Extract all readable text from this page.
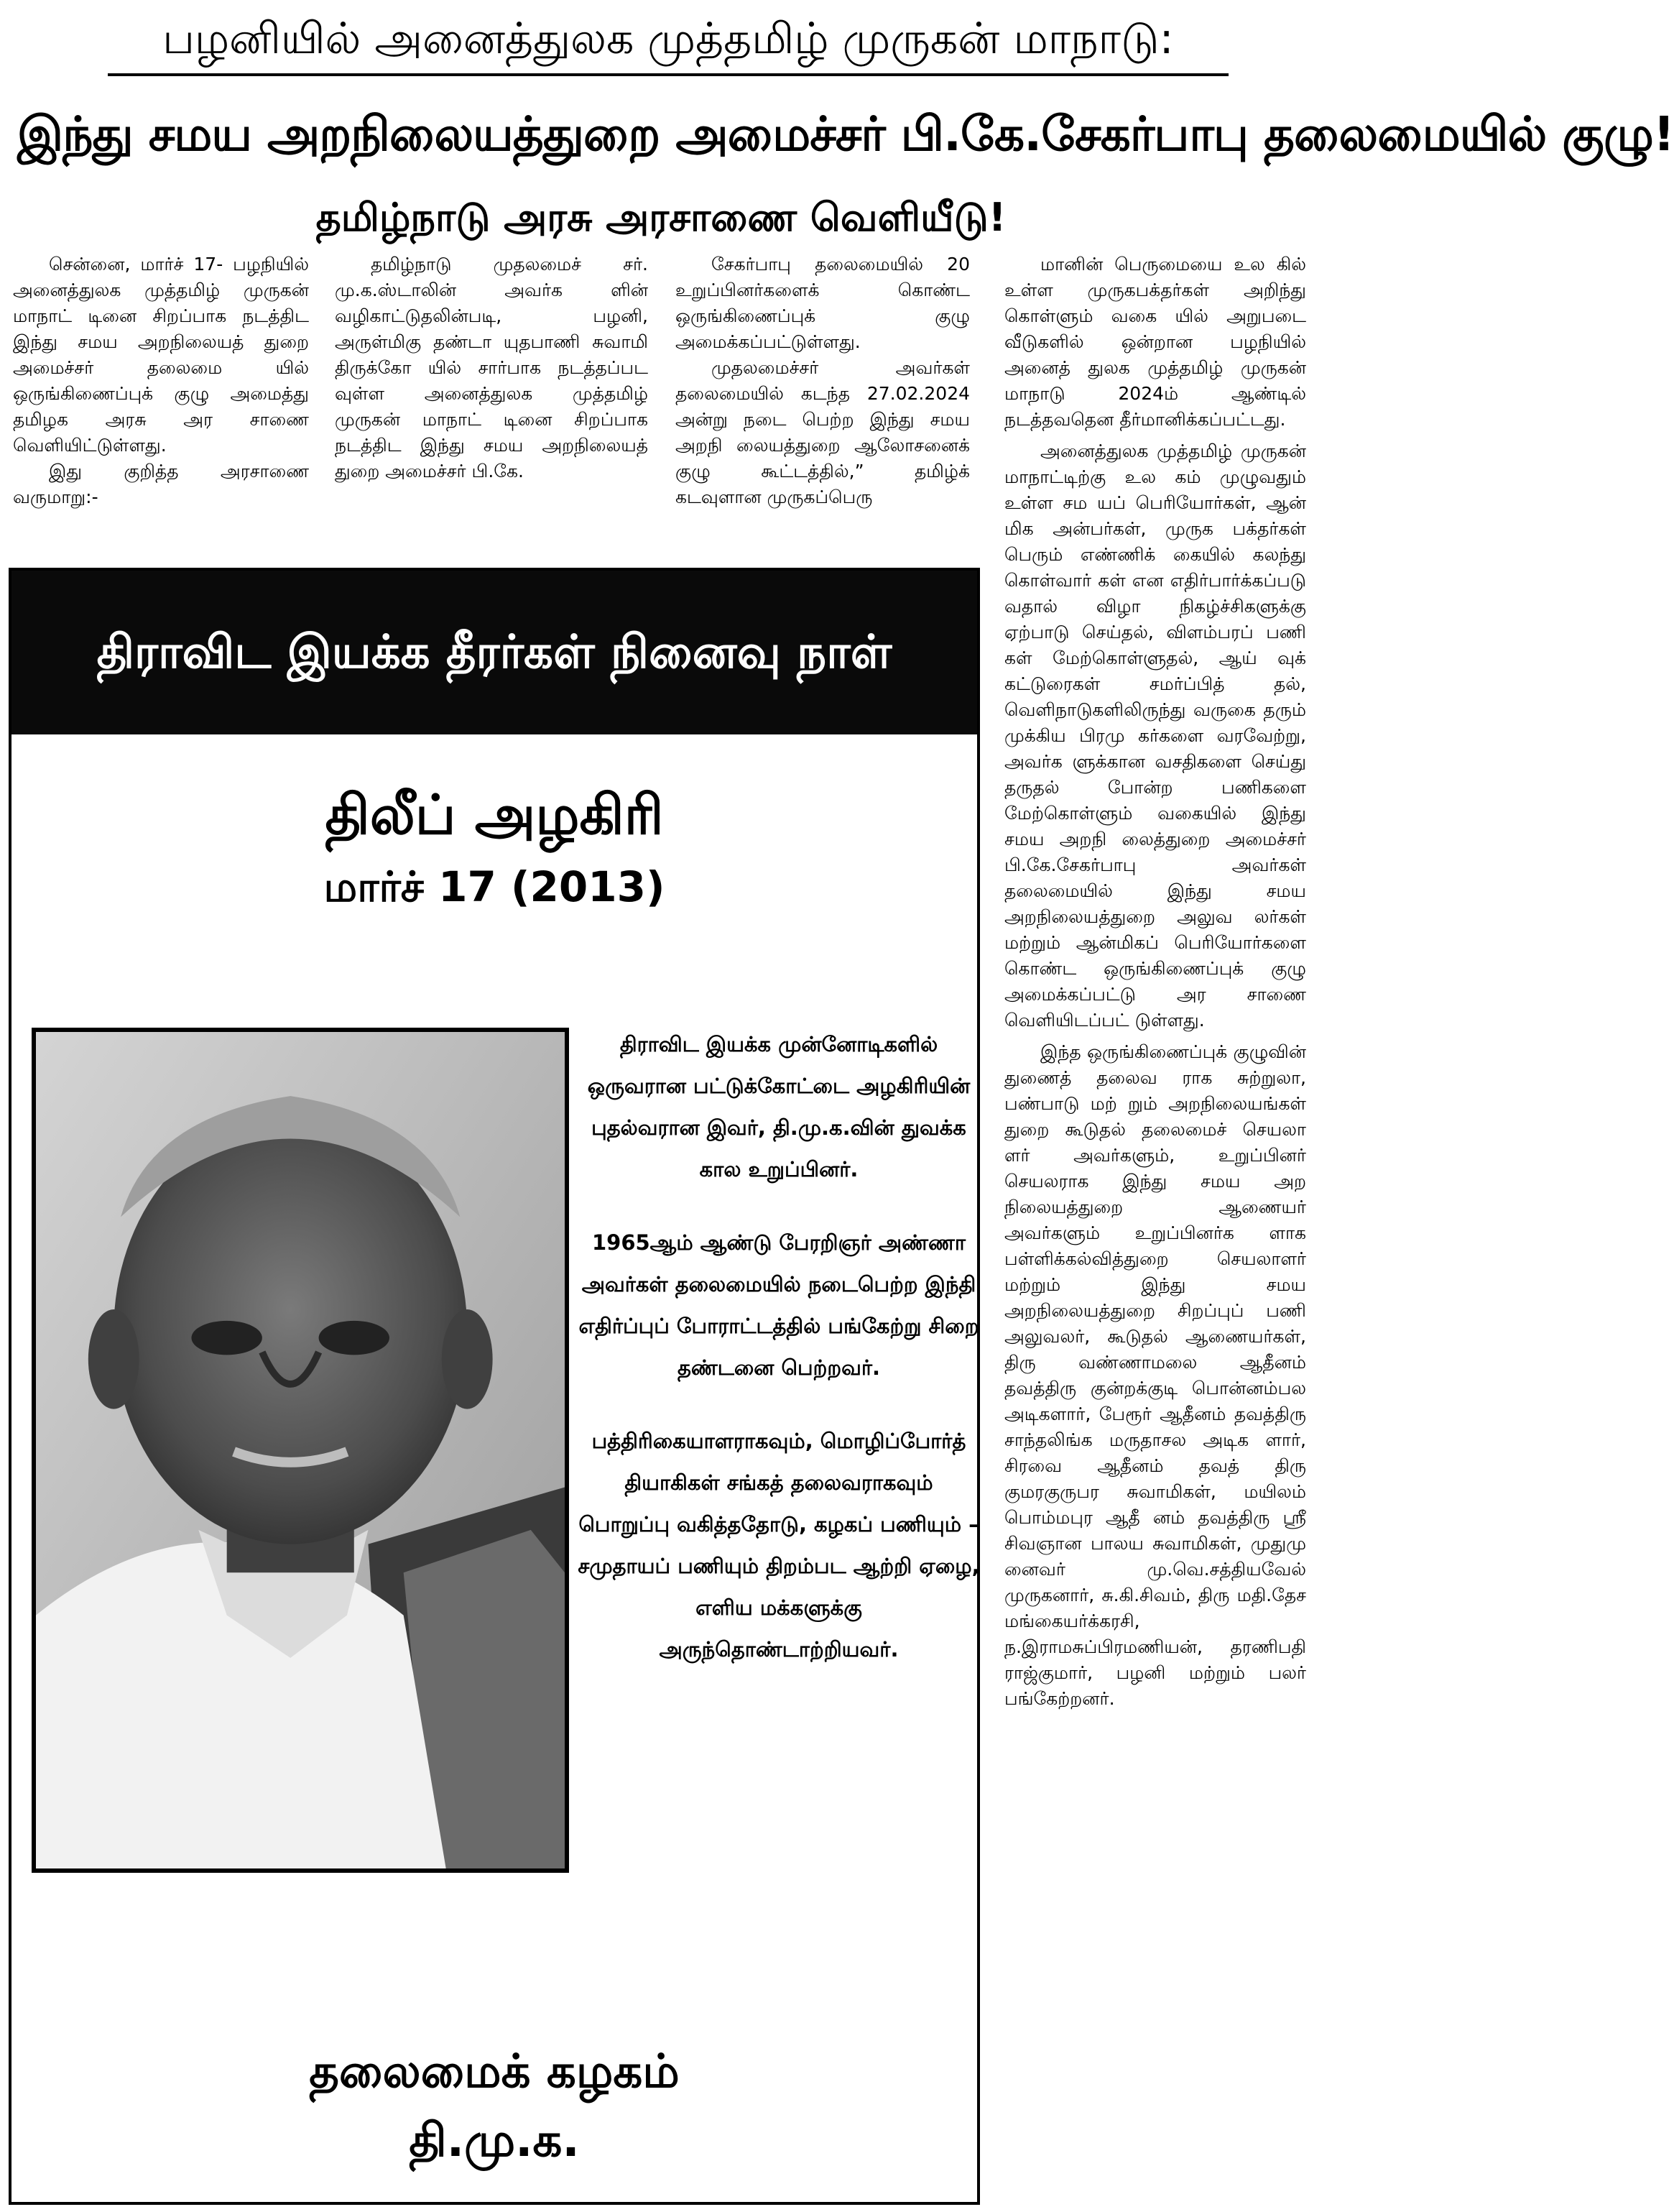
பழனியில் அனைத்துலக முத்தமிழ் முருகன் மாநாடு:
இந்து சமய அறநிலையத்துறை அமைச்சர் பி.கே.சேகர்பாபு தலைமையில் குழு!
தமிழ்நாடு அரசு அரசாணை வெளியீடு!

சென்னை, மார்ச் 17- பழநியில் அனைத்துலக முத்தமிழ் முருகன் மாநாட் டினை சிறப்பாக நடத்திட இந்து சமய அறநிலையத் துறை அமைச்சர் தலைமை யில் ஒருங்கிணைப்புக் குழு அமைத்து தமிழக அரசு அர சாணை வெளியிட்டுள்ளது.

இது குறித்த அரசாணை வருமாறு:-

தமிழ்நாடு முதலமைச் சர். மு.க.ஸ்டாலின் அவர்க ளின் வழிகாட்டுதலின்படி, பழனி, அருள்மிகு தண்டா யுதபாணி சுவாமி திருக்கோ யில் சார்பாக நடத்தப்பட வுள்ள அனைத்துலக முத்தமிழ் முருகன் மாநாட் டினை சிறப்பாக நடத்திட இந்து சமய அறநிலையத் துறை அமைச்சர் பி.கே.

சேகர்பாபு தலைமையில் 20 உறுப்பினர்களைக் கொண்ட ஒருங்கிணைப்புக் குழு அமைக்கப்பட்டுள்ளது.

முதலமைச்சர் அவர்கள் தலைமையில் கடந்த 27.02.2024 அன்று நடை பெற்ற இந்து சமய அறநி லையத்துறை ஆலோசனைக் குழு கூட்டத்தில்,” தமிழ்க் கடவுளான முருகப்பெரு

மானின் பெருமையை உல கில் உள்ள முருகபக்தர்கள் அறிந்து கொள்ளும் வகை யில் அறுபடை வீடுகளில் ஒன்றான பழநியில் அனைத் துலக முத்தமிழ் முருகன் மாநாடு 2024ம் ஆண்டில் நடத்தவதென தீர்மானிக்கப்பட்டது.

அனைத்துலக முத்தமிழ் முருகன் மாநாட்டிற்கு உல கம் முழுவதும் உள்ள சம யப் பெரியோர்கள், ஆன் மிக அன்பர்கள், முருக பக்தர்கள் பெரும் எண்ணிக் கையில் கலந்து கொள்வார் கள் என எதிர்பார்க்கப்படு வதால் விழா நிகழ்ச்சிகளுக்கு ஏற்பாடு செய்தல், விளம்பரப் பணி கள் மேற்கொள்ளுதல், ஆய் வுக் கட்டுரைகள் சமர்ப்பித் தல், வெளிநாடுகளிலிருந்து வருகை தரும் முக்கிய பிரமு கர்களை வரவேற்று, அவர்க ளுக்கான வசதிகளை செய்து தருதல் போன்ற பணிகளை மேற்கொள்ளும் வகையில் இந்து சமய அறநி லைத்துறை அமைச்சர் பி.கே.சேகர்பாபு அவர்கள் தலைமையில் இந்து சமய அறநிலையத்துறை அலுவ லர்கள் மற்றும் ஆன்மிகப் பெரியோர்களை கொண்ட ஒருங்கிணைப்புக் குழு அமைக்கப்பட்டு அர சாணை வெளியிடப்பட் டுள்ளது.

இந்த ஒருங்கிணைப்புக் குழுவின் துணைத் தலைவ ராக சுற்றுலா, பண்பாடு மற் றும் அறநிலையங்கள் துறை கூடுதல் தலைமைச் செயலா ளர் அவர்களும், உறுப்பினர் செயலராக இந்து சமய அற நிலையத்துறை ஆணையர் அவர்களும் உறுப்பினர்க ளாக பள்ளிக்கல்வித்துறை செயலாளர் மற்றும் இந்து சமய அறநிலையத்துறை சிறப்புப் பணி அலுவலர், கூடுதல் ஆணையர்கள், திரு வண்ணாமலை ஆதீனம் தவத்திரு குன்றக்குடி பொன்னம்பல அடிகளார், பேரூர் ஆதீனம் தவத்திரு சாந்தலிங்க மருதாசல அடிக ளார், சிரவை ஆதீனம் தவத் திரு குமரகுருபர சுவாமிகள், மயிலம் பொம்மபுர ஆதீ னம் தவத்திரு ஸ்ரீ சிவஞான பாலய சுவாமிகள், முதுமு னைவர் மு.வெ.சத்தியவேல் முருகனார், சு.கி.சிவம், திரு மதி.தேச மங்கையர்க்கரசி, ந.இராமசுப்பிரமணியன், தரணிபதி ராஜ்குமார், பழனி மற்றும் பலர் பங்கேற்றனர்.

திராவிட இயக்க தீரர்கள் நினைவு நாள்
திலீப் அழகிரி
மார்ச் 17 (2013)

திராவிட இயக்க முன்னோடிகளில் ஒருவரான பட்டுக்கோட்டை அழகிரியின் புதல்வரான இவர், தி.மு.க.வின் துவக்க கால உறுப்பினர்.

1965ஆம் ஆண்டு பேரறிஞர் அண்ணா அவர்கள் தலைமையில் நடைபெற்ற இந்தி எதிர்ப்புப் போராட்டத்தில் பங்கேற்று சிறை தண்டனை பெற்றவர்.

பத்திரிகையாளராகவும், மொழிப்போர்த் தியாகிகள் சங்கத் தலைவராகவும் பொறுப்பு வகித்ததோடு, கழகப் பணியும் – சமுதாயப் பணியும் திறம்பட ஆற்றி ஏழை, எளிய மக்களுக்கு அருந்தொண்டாற்றியவர்.

தலைமைக் கழகம்
தி.மு.க.
